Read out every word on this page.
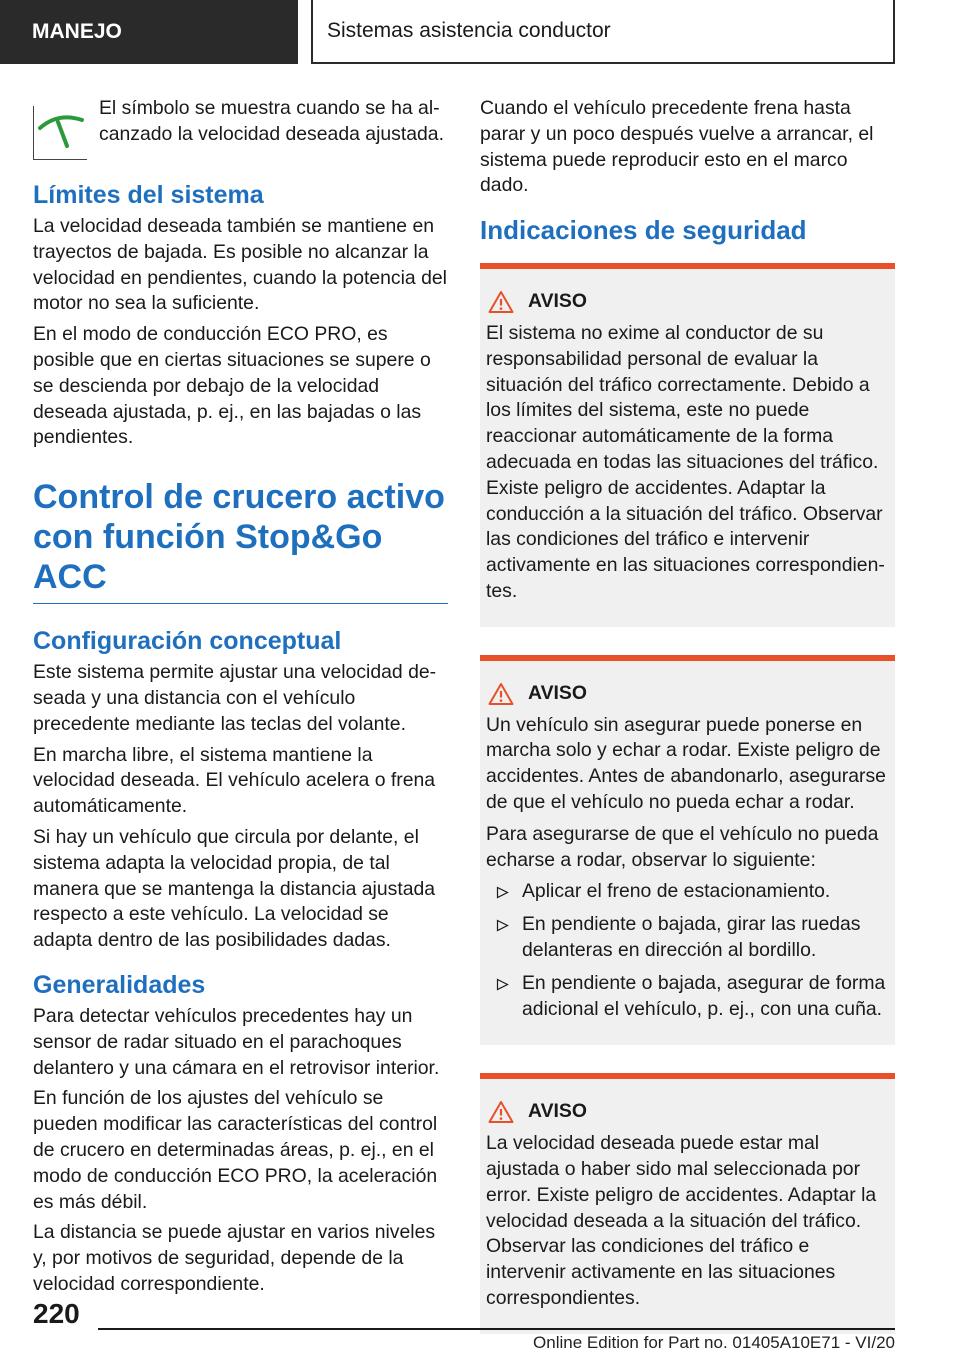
MANEJO	Sistemas asistencia conductor

El símbolo se muestra cuando se ha alcanzado la velocidad deseada ajustada.

Límites del sistema

La velocidad deseada también se mantiene en trayectos de bajada. Es posible no alcanzar la velocidad en pendientes, cuando la potencia del motor no sea la suficiente.

En el modo de conducción ECO PRO, es posible que en ciertas situaciones se supere o se descienda por debajo de la velocidad deseada ajustada, p. ej., en las bajadas o las pendientes.

Control de crucero activo con función Stop&Go ACC
Configuración conceptual

Este sistema permite ajustar una velocidad deseada y una distancia con el vehículo precedente mediante las teclas del volante.

En marcha libre, el sistema mantiene la velocidad deseada. El vehículo acelera o frena automáticamente.

Si hay un vehículo que circula por delante, el sistema adapta la velocidad propia, de tal manera que se mantenga la distancia ajustada respecto a este vehículo. La velocidad se adapta dentro de las posibilidades dadas.

Generalidades

Para detectar vehículos precedentes hay un sensor de radar situado en el parachoques delantero y una cámara en el retrovisor interior.

En función de los ajustes del vehículo se pueden modificar las características del control de crucero en determinadas áreas, p. ej., en el modo de conducción ECO PRO, la aceleración es más débil.

La distancia se puede ajustar en varios niveles y, por motivos de seguridad, depende de la velocidad correspondiente.

Cuando el vehículo precedente frena hasta parar y un poco después vuelve a arrancar, el sistema puede reproducir esto en el marco dado.

Indicaciones de seguridad
AVISO

El sistema no exime al conductor de su responsabilidad personal de evaluar la situación del tráfico correctamente. Debido a los límites del sistema, este no puede reaccionar automáticamente de la forma adecuada en todas las situaciones del tráfico. Existe peligro de accidentes. Adaptar la conducción a la situación del tráfico. Observar las condiciones del tráfico e intervenir activamente en las situaciones correspondientes.

AVISO

Un vehículo sin asegurar puede ponerse en marcha solo y echar a rodar. Existe peligro de accidentes. Antes de abandonarlo, asegurarse de que el vehículo no pueda echar a rodar.

Para asegurarse de que el vehículo no pueda echarse a rodar, observar lo siguiente:

Aplicar el freno de estacionamiento.
En pendiente o bajada, girar las ruedas delanteras en dirección al bordillo.
En pendiente o bajada, asegurar de forma adicional el vehículo, p. ej., con una cuña.
AVISO

La velocidad deseada puede estar mal ajustada o haber sido mal seleccionada por error. Existe peligro de accidentes. Adaptar la velocidad deseada a la situación del tráfico. Observar las condiciones del tráfico e intervenir activamente en las situaciones correspondientes.

220
Online Edition for Part no. 01405A10E71 - VI/20
